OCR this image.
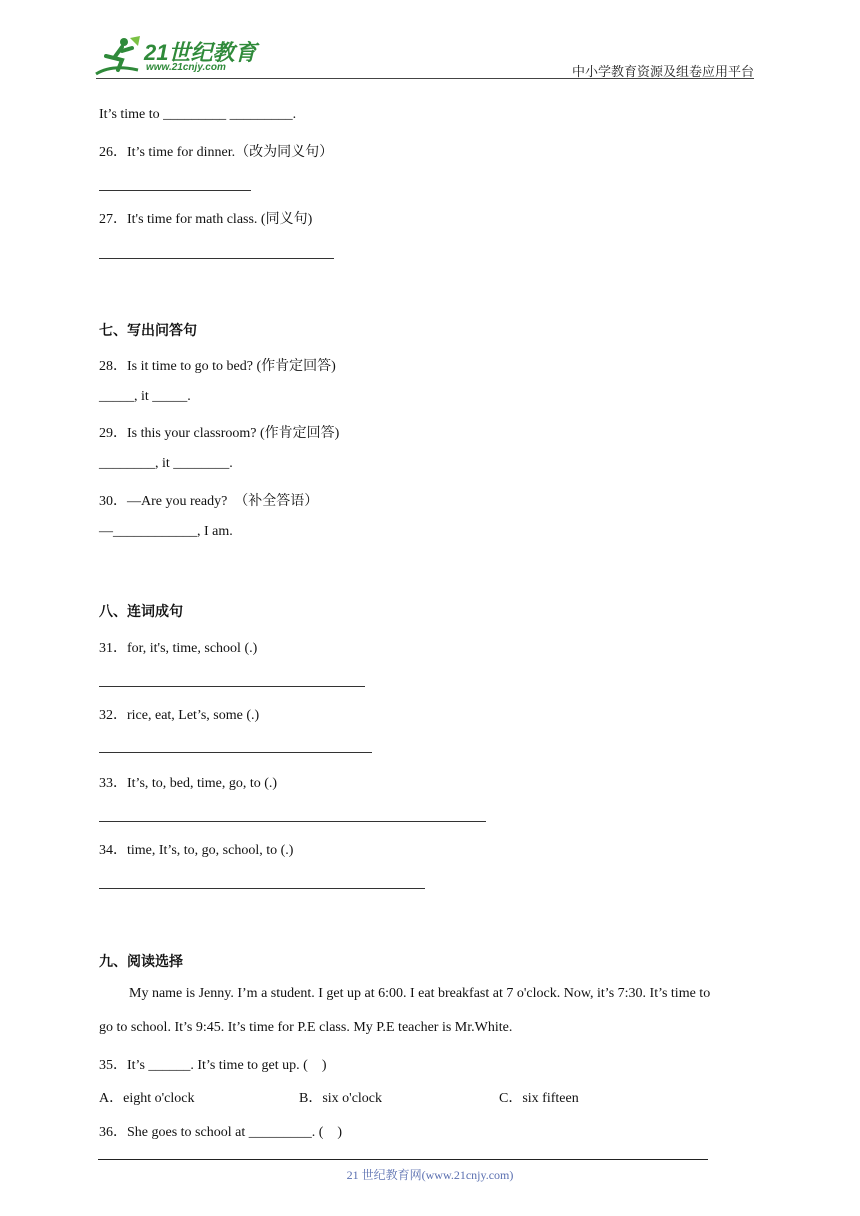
21世纪教育
www.21cnjy.com	中小学教育资源及组卷应用平台
It’s time to _________ _________.
26．It’s time for dinner.（改为同义句）
27．It's time for math class. (同义句)
七、写出问答句
28．Is it time to go to bed? (作肯定回答)
_____, it _____.
29．Is this your classroom? (作肯定回答)
________, it ________.
30．—Are you ready?  （补全答语）
—____________, I am.
八、连词成句
31．for, it's, time, school (.)
32．rice, eat, Let’s, some (.)
33．It’s, to, bed, time, go, to (.)
34．time, It’s, to, go, school, to (.)
九、阅读选择
My name is Jenny. I’m a student. I get up at 6:00. I eat breakfast at 7 o'clock. Now, it’s 7:30. It’s time to
go to school. It’s 9:45. It’s time for P.E class. My P.E teacher is Mr.White.
35．It’s ______. It’s time to get up. (    )
A．eight o'clock	B．six o'clock	C．six fifteen
36．She goes to school at _________. (    )
21 世纪教育网(www.21cnjy.com)
